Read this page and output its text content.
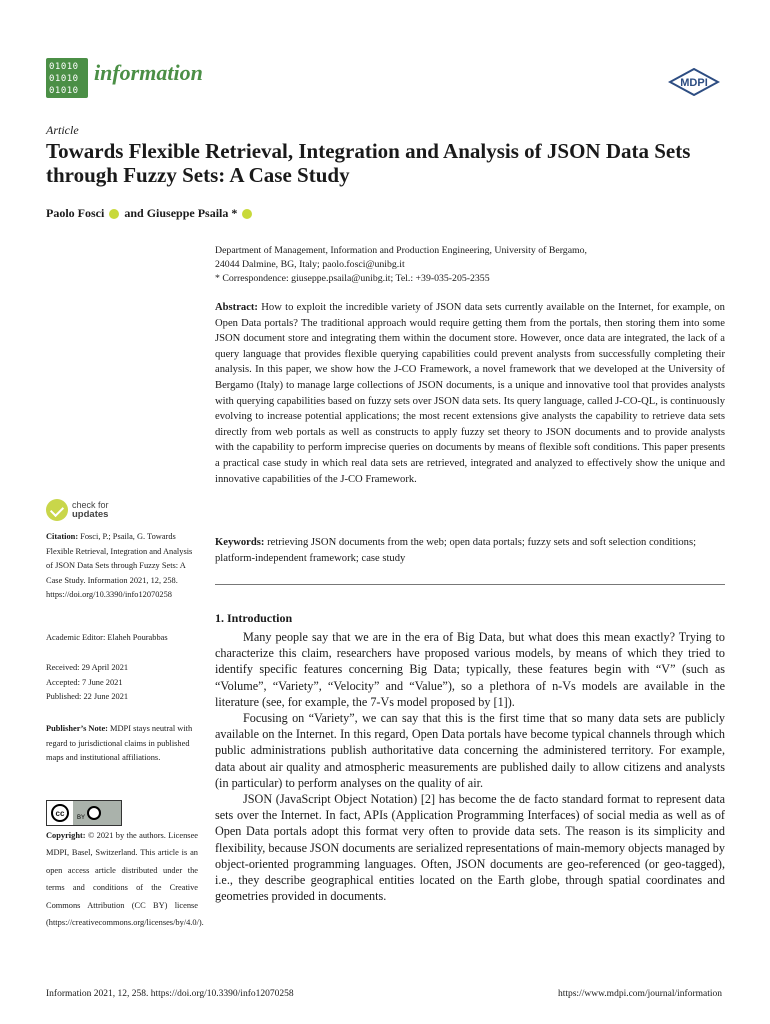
01010
01010
01010
information	MDPI
Article
Towards Flexible Retrieval, Integration and Analysis of JSON Data Sets through Fuzzy Sets: A Case Study
Paolo Fosci and Giuseppe Psaila *
Department of Management, Information and Production Engineering, University of Bergamo,
24044 Dalmine, BG, Italy; paolo.fosci@unibg.it
* Correspondence: giuseppe.psaila@unibg.it; Tel.: +39-035-205-2355
Abstract: How to exploit the incredible variety of JSON data sets currently available on the Internet, for example, on Open Data portals? The traditional approach would require getting them from the portals, then storing them into some JSON document store and integrating them within the document store. However, once data are integrated, the lack of a query language that provides flexible querying capabilities could prevent analysts from successfully completing their analysis. In this paper, we show how the J-CO Framework, a novel framework that we developed at the University of Bergamo (Italy) to manage large collections of JSON documents, is a unique and innovative tool that provides analysts with querying capabilities based on fuzzy sets over JSON data sets. Its query language, called J-CO-QL, is continuously evolving to increase potential applications; the most recent extensions give analysts the capability to retrieve data sets directly from web portals as well as constructs to apply fuzzy set theory to JSON documents and to provide analysts with the capability to perform imprecise queries on documents by means of flexible soft conditions. This paper presents a practical case study in which real data sets are retrieved, integrated and analyzed to effectively show the unique and innovative capabilities of the J-CO Framework.
Keywords: retrieving JSON documents from the web; open data portals; fuzzy sets and soft selection conditions; platform-independent framework; case study
check for
updates
Citation: Fosci, P.; Psaila, G. Towards Flexible Retrieval, Integration and Analysis of JSON Data Sets through Fuzzy Sets: A Case Study. Information 2021, 12, 258. https://doi.org/10.3390/info12070258
Academic Editor: Elaheh Pourabbas
Received: 29 April 2021
Accepted: 7 June 2021
Published: 22 June 2021
Publisher’s Note: MDPI stays neutral with regard to jurisdictional claims in published maps and institutional affiliations.
cc
BY
Copyright: © 2021 by the authors. Licensee MDPI, Basel, Switzerland. This article is an open access article distributed under the terms and conditions of the Creative Commons Attribution (CC BY) license (https://creativecommons.org/licenses/by/4.0/).
1. Introduction

Many people say that we are in the era of Big Data, but what does this mean exactly? Trying to characterize this claim, researchers have proposed various models, by means of which they tried to identify specific features concerning Big Data; typically, these features begin with “V” (such as “Volume”, “Variety”, “Velocity” and “Value”), so a plethora of n-Vs models are available in the literature (see, for example, the 7-Vs model proposed by [1]).

Focusing on “Variety”, we can say that this is the first time that so many data sets are publicly available on the Internet. In this regard, Open Data portals have become typical channels through which public administrations publish authoritative data concerning the administered territory. For example, data about air quality and atmospheric measurements are published daily to allow citizens and analysts (in particular) to perform analyses on the quality of air.

JSON (JavaScript Object Notation) [2] has become the de facto standard format to represent data sets over the Internet. In fact, APIs (Application Programming Interfaces) of social media as well as of Open Data portals adopt this format very often to provide data sets. The reason is its simplicity and flexibility, because JSON documents are serialized representations of main-memory objects managed by object-oriented programming languages. Often, JSON documents are geo-referenced (or geo-tagged), i.e., they describe geographical entities located on the Earth globe, through spatial coordinates and geometries provided in documents.

Information 2021, 12, 258. https://doi.org/10.3390/info12070258	https://www.mdpi.com/journal/information
